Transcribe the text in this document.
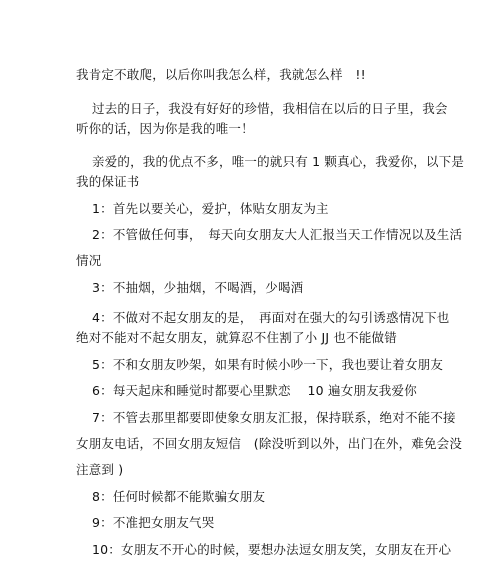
我肯定不敢爬，以后你叫我怎么样，我就怎么样　!!
过去的日子，我没有好好的珍惜，我相信在以后的日子里，我会
听你的话，因为你是我的唯一！
亲爱的，我的优点不多，唯一的就只有 1 颗真心，我爱你，以下是
我的保证书
1：首先以要关心，爱护，体贴女朋友为主
2：不管做任何事，　每天向女朋友大人汇报当天工作情况以及生活
情况
3：不抽烟，少抽烟，不喝酒，少喝酒
4：不做对不起女朋友的是，　再面对在强大的勾引诱惑情况下也
绝对不能对不起女朋友，就算忍不住割了小 JJ 也不能做错
5：不和女朋友吵架，如果有时候小吵一下，我也要让着女朋友
6：每天起床和睡觉时都要心里默恋　 10 遍女朋友我爱你
7：不管去那里都要即使象女朋友汇报，保持联系，绝对不能不接
女朋友电话，不回女朋友短信　(除没听到以外，出门在外，难免会没
注意到 )
8：任何时候都不能欺骗女朋友
9：不准把女朋友气哭
10：女朋友不开心的时候，要想办法逗女朋友笑，女朋友在开心
